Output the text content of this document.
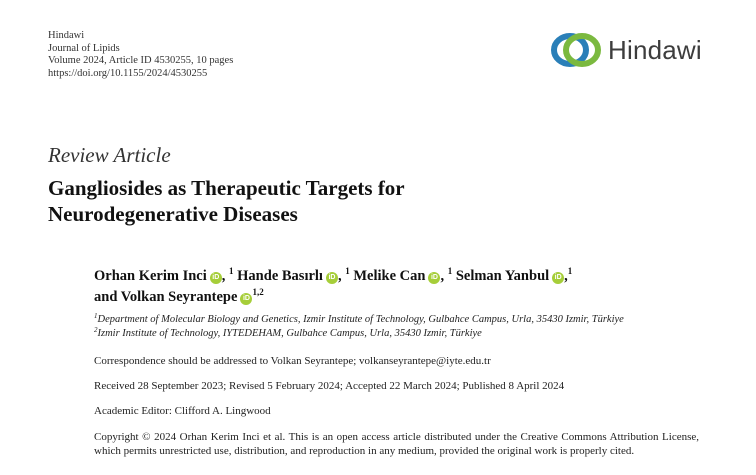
Hindawi
Journal of Lipids
Volume 2024, Article ID 4530255, 10 pages
https://doi.org/10.1155/2024/4530255
Hindawi
Review Article
Gangliosides as Therapeutic Targets for
Neurodegenerative Diseases
Orhan Kerim Inci iD , $^1$ Hande Basırlı iD , $^1$ Melike Can iD , $^1$ Selman Yanbul iD ,$^1$
and Volkan Seyrantepe iD$^{1,2}$
$^1$Department of Molecular Biology and Genetics, Izmir Institute of Technology, Gulbahce Campus, Urla, 35430 Izmir, Türkiye
$^2$Izmir Institute of Technology, IYTEDEHAM, Gulbahce Campus, Urla, 35430 Izmir, Türkiye
Correspondence should be addressed to Volkan Seyrantepe; volkanseyrantepe@iyte.edu.tr
Received 28 September 2023; Revised 5 February 2024; Accepted 22 March 2024; Published 8 April 2024
Academic Editor: Clifford A. Lingwood
Copyright © 2024 Orhan Kerim Inci et al. This is an open access article distributed under the Creative Commons Attribution License, which permits unrestricted use, distribution, and reproduction in any medium, provided the original work is properly cited.
